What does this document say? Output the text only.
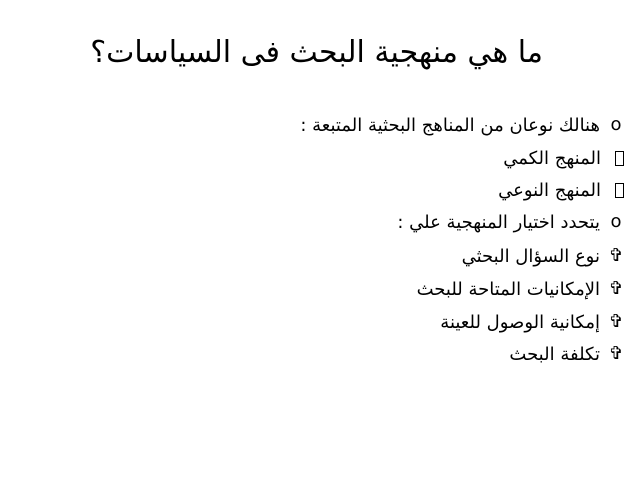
ما هي منهجية البحث فى السياسات؟
oهنالك نوعان من المناهج البحثية المتبعة :
المنهج الكمي
المنهج النوعي
oيتحدد اختيار المنهجية علي :
✞نوع السؤال البحثي
✞الإمكانيات المتاحة للبحث
✞إمكانية الوصول للعينة
✞تكلفة البحث
